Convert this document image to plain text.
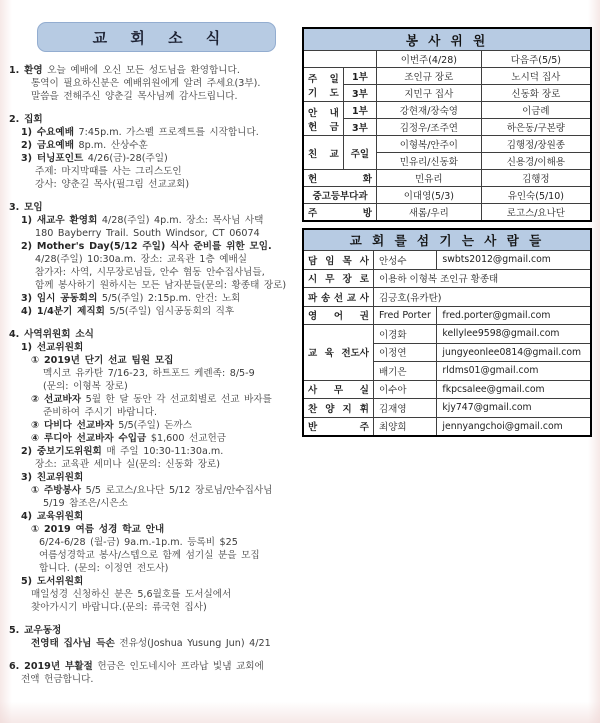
교 회 소 식
1. 환영 오늘 예배에 오신 모든 성도님을 환영합니다.
통역이 필요하신분은 예배위원에게 알려 주세요(3부).
말씀을 전해주신 양춘길 목사님께 감사드립니다.
2. 집회
1) 수요예배 7:45p.m. 가스펠 프로젝트를 시작합니다.
2) 금요예배 8p.m. 산상수훈
3) 터닝포인트 4/26(금)-28(주일)
주제: 마지막때를 사는 그리스도인
강사: 양춘길 목사(필그림 선교교회)
3. 모임
1) 새교우 환영회 4/28(주일) 4p.m. 장소: 목사님 사택
180 Bayberry Trail. South Windsor, CT 06074
2) Mother's Day(5/12 주일) 식사 준비를 위한 모임.
4/28(주일) 10:30a.m. 장소: 교육관 1층 예배실
참가자: 사역, 시무장로님들, 안수 협동 안수집사님들,
함께 봉사하기 원하시는 모든 남자분들(문의: 황종태 장로)
3) 임시 공동회의 5/5(주일) 2:15p.m. 안건: 노회
4) 1/4분기 제직회 5/5(주일) 임시공동회의 직후
4. 사역위원회 소식
1) 선교위원회
① 2019년 단기 선교 팀원 모집
멕시코 유카탄 7/16-23, 하트포드 케렌족: 8/5-9
(문의: 이형복 장로)
② 선교바자 5월 한 달 동안 각 선교회별로 선교 바자를
준비하여 주시기 바랍니다.
③ 다비다 선교바자 5/5(주일) 돈까스
④ 루디아 선교바자 수입금 $1,600 선교헌금
2) 중보기도위원회 매 주일 10:30-11:30a.m.
장소: 교육관 세미나 실(문의: 신동화 장로)
3) 친교위원회
① 주방봉사 5/5 로고스/요나단 5/12 장로님/안수집사님
5/19 참조은/시은소
4) 교육위원회
① 2019 여름 성경 학교 안내
6/24-6/28 (월-금) 9a.m.-1p.m. 등록비 $25
여름성경학교 봉사/스텝으로 함께 섬기실 분을 모집
합니다. (문의: 이정연 전도사)
5) 도서위원회
매일성경 신청하신 분은 5,6월호를 도서실에서
찾아가시기 바랍니다.(문의: 류국현 집사)
5. 교우동정
전영태 집사님 득손 전유성(Joshua Yusung Jun) 4/21
6. 2019년 부활절 헌금은 인도네시아 프라납 빛냄 교회에
전액 헌금합니다.
봉 사 위 원			
		이번주(4/28)	다음주(5/5)

주 일
기 도	1부	조인규 장로	노시덕 집사
	3부	지민구 집사	신동화 장로

안 내
헌 금	1부	강현재/장숙영	이금례
	3부	김정우/조주연	하은동/구본량

친 교	주일	이형복/안주이	김행정/장원종
		민유리/신동화	신용경/이해용
헌 화		민유리	김행정
중고등부다과		이대영(5/3)	유인숙(5/10)
주 방		새롬/우리	로고스/요나단
교 회 를 섬 기 는 사 람 들		
담 임 목 사	안성수	swbts2012@gmail.com
시 무 장 로	이용하 이형복 조인규 황종태	
파 송 선 교 사	김긍호(유카탄)	
영 어 권	Fred Porter	fred.porter@gmail.com
교 육 전도사	이경화	kellylee9598@gmail.com
	이정연	jungyeonlee0814@gmail.com
	배기은	rldms01@gmail.com
사 무 실	이수아	fkpcsalee@gmail.com
찬 양 지 휘	김재영	kjy747@gmail.com
반 주	최양희	jennyangchoi@gmail.com
